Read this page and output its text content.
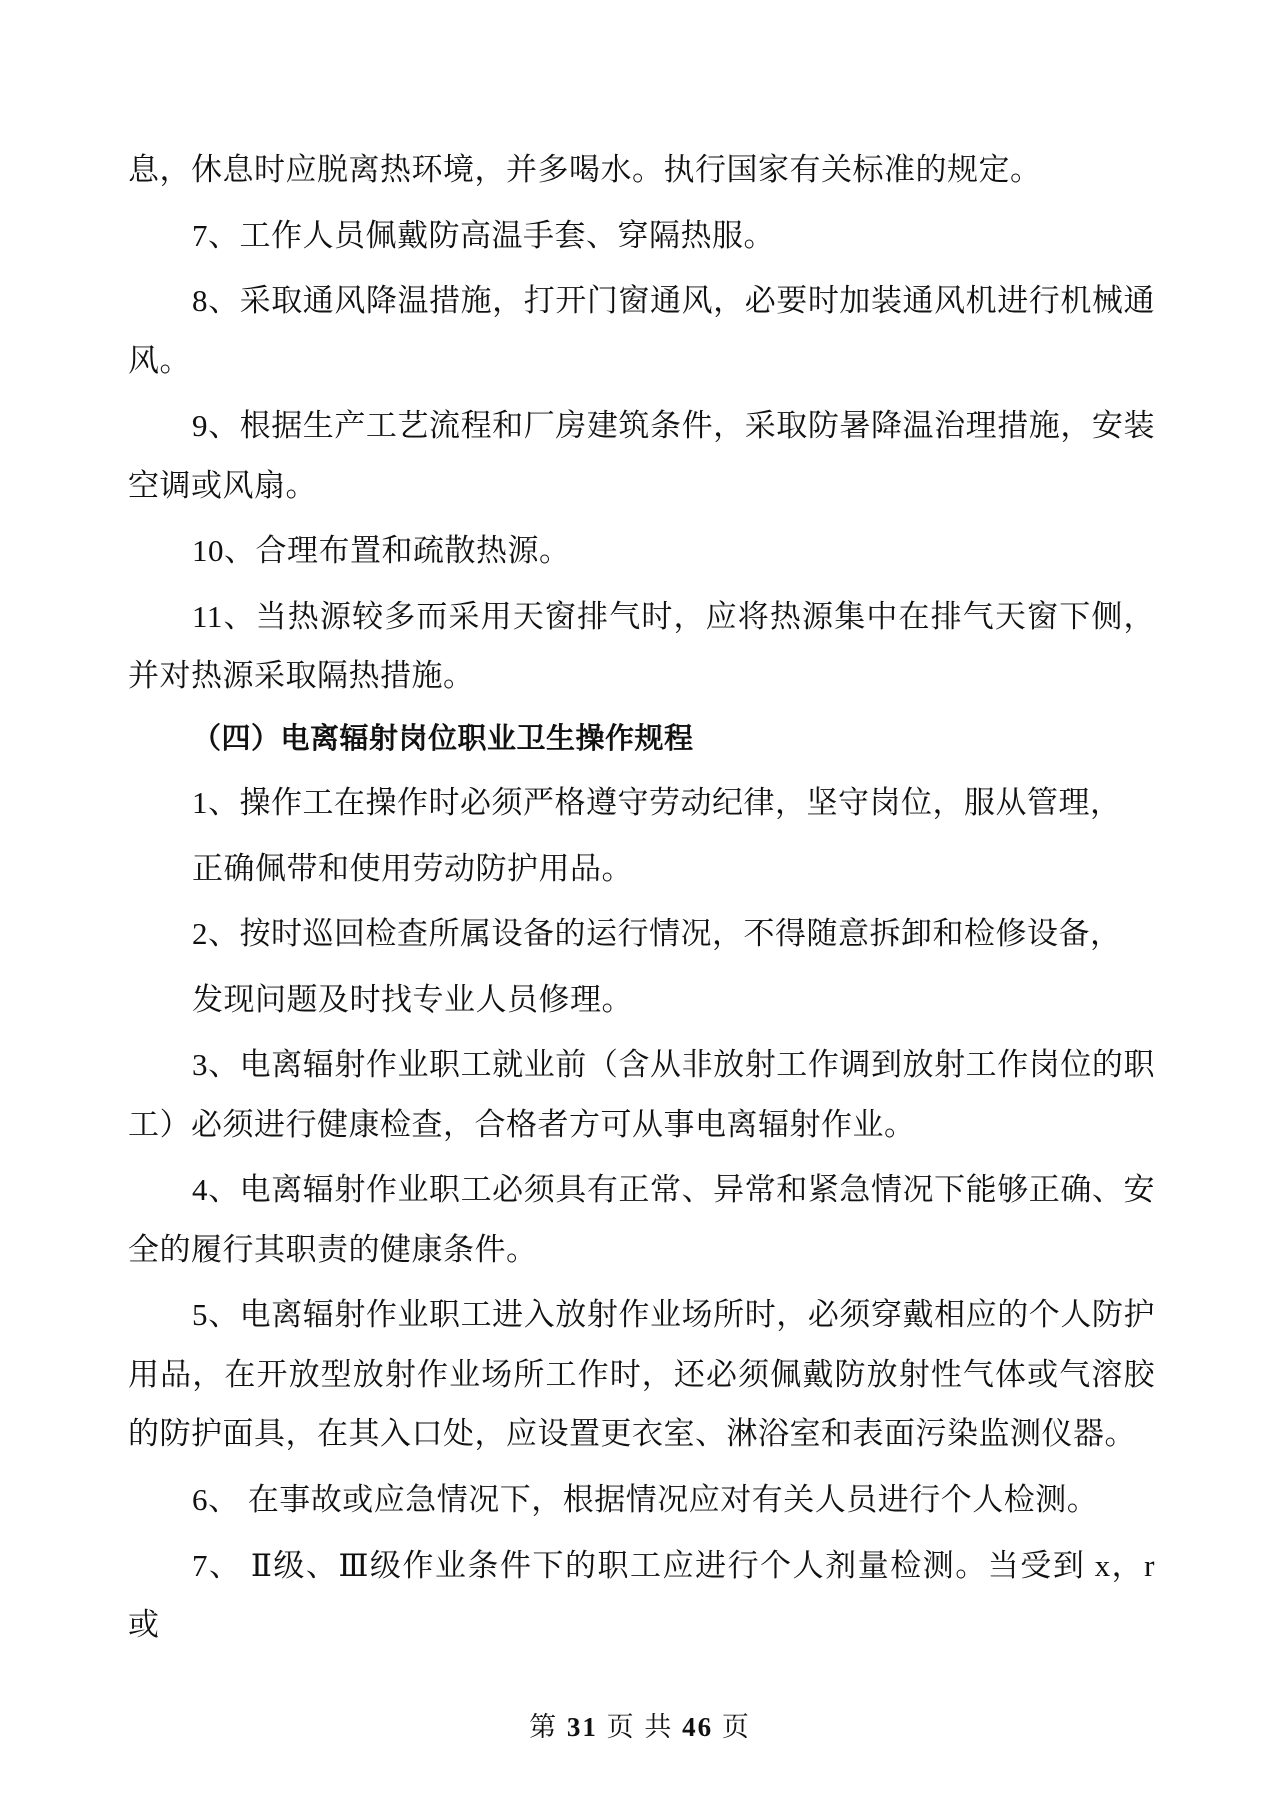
息，休息时应脱离热环境，并多喝水。执行国家有关标准的规定。

7、工作人员佩戴防高温手套、穿隔热服。

8、采取通风降温措施，打开门窗通风，必要时加装通风机进行机械通风。

9、根据生产工艺流程和厂房建筑条件，采取防暑降温治理措施，安装空调或风扇。

10、合理布置和疏散热源。

11、当热源较多而采用天窗排气时，应将热源集中在排气天窗下侧，并对热源采取隔热措施。

（四）电离辐射岗位职业卫生操作规程

1、操作工在操作时必须严格遵守劳动纪律，坚守岗位，服从管理，

正确佩带和使用劳动防护用品。

2、按时巡回检查所属设备的运行情况，不得随意拆卸和检修设备，

发现问题及时找专业人员修理。

3、电离辐射作业职工就业前（含从非放射工作调到放射工作岗位的职工）必须进行健康检查，合格者方可从事电离辐射作业。

4、电离辐射作业职工必须具有正常、异常和紧急情况下能够正确、安全的履行其职责的健康条件。

5、电离辐射作业职工进入放射作业场所时，必须穿戴相应的个人防护用品，在开放型放射作业场所工作时，还必须佩戴防放射性气体或气溶胶的防护面具，在其入口处，应设置更衣室、淋浴室和表面污染监测仪器。

6、 在事故或应急情况下，根据情况应对有关人员进行个人检测。

7、 Ⅱ级、Ⅲ级作业条件下的职工应进行个人剂量检测。当受到 x，r 或

第 31 页 共 46 页
